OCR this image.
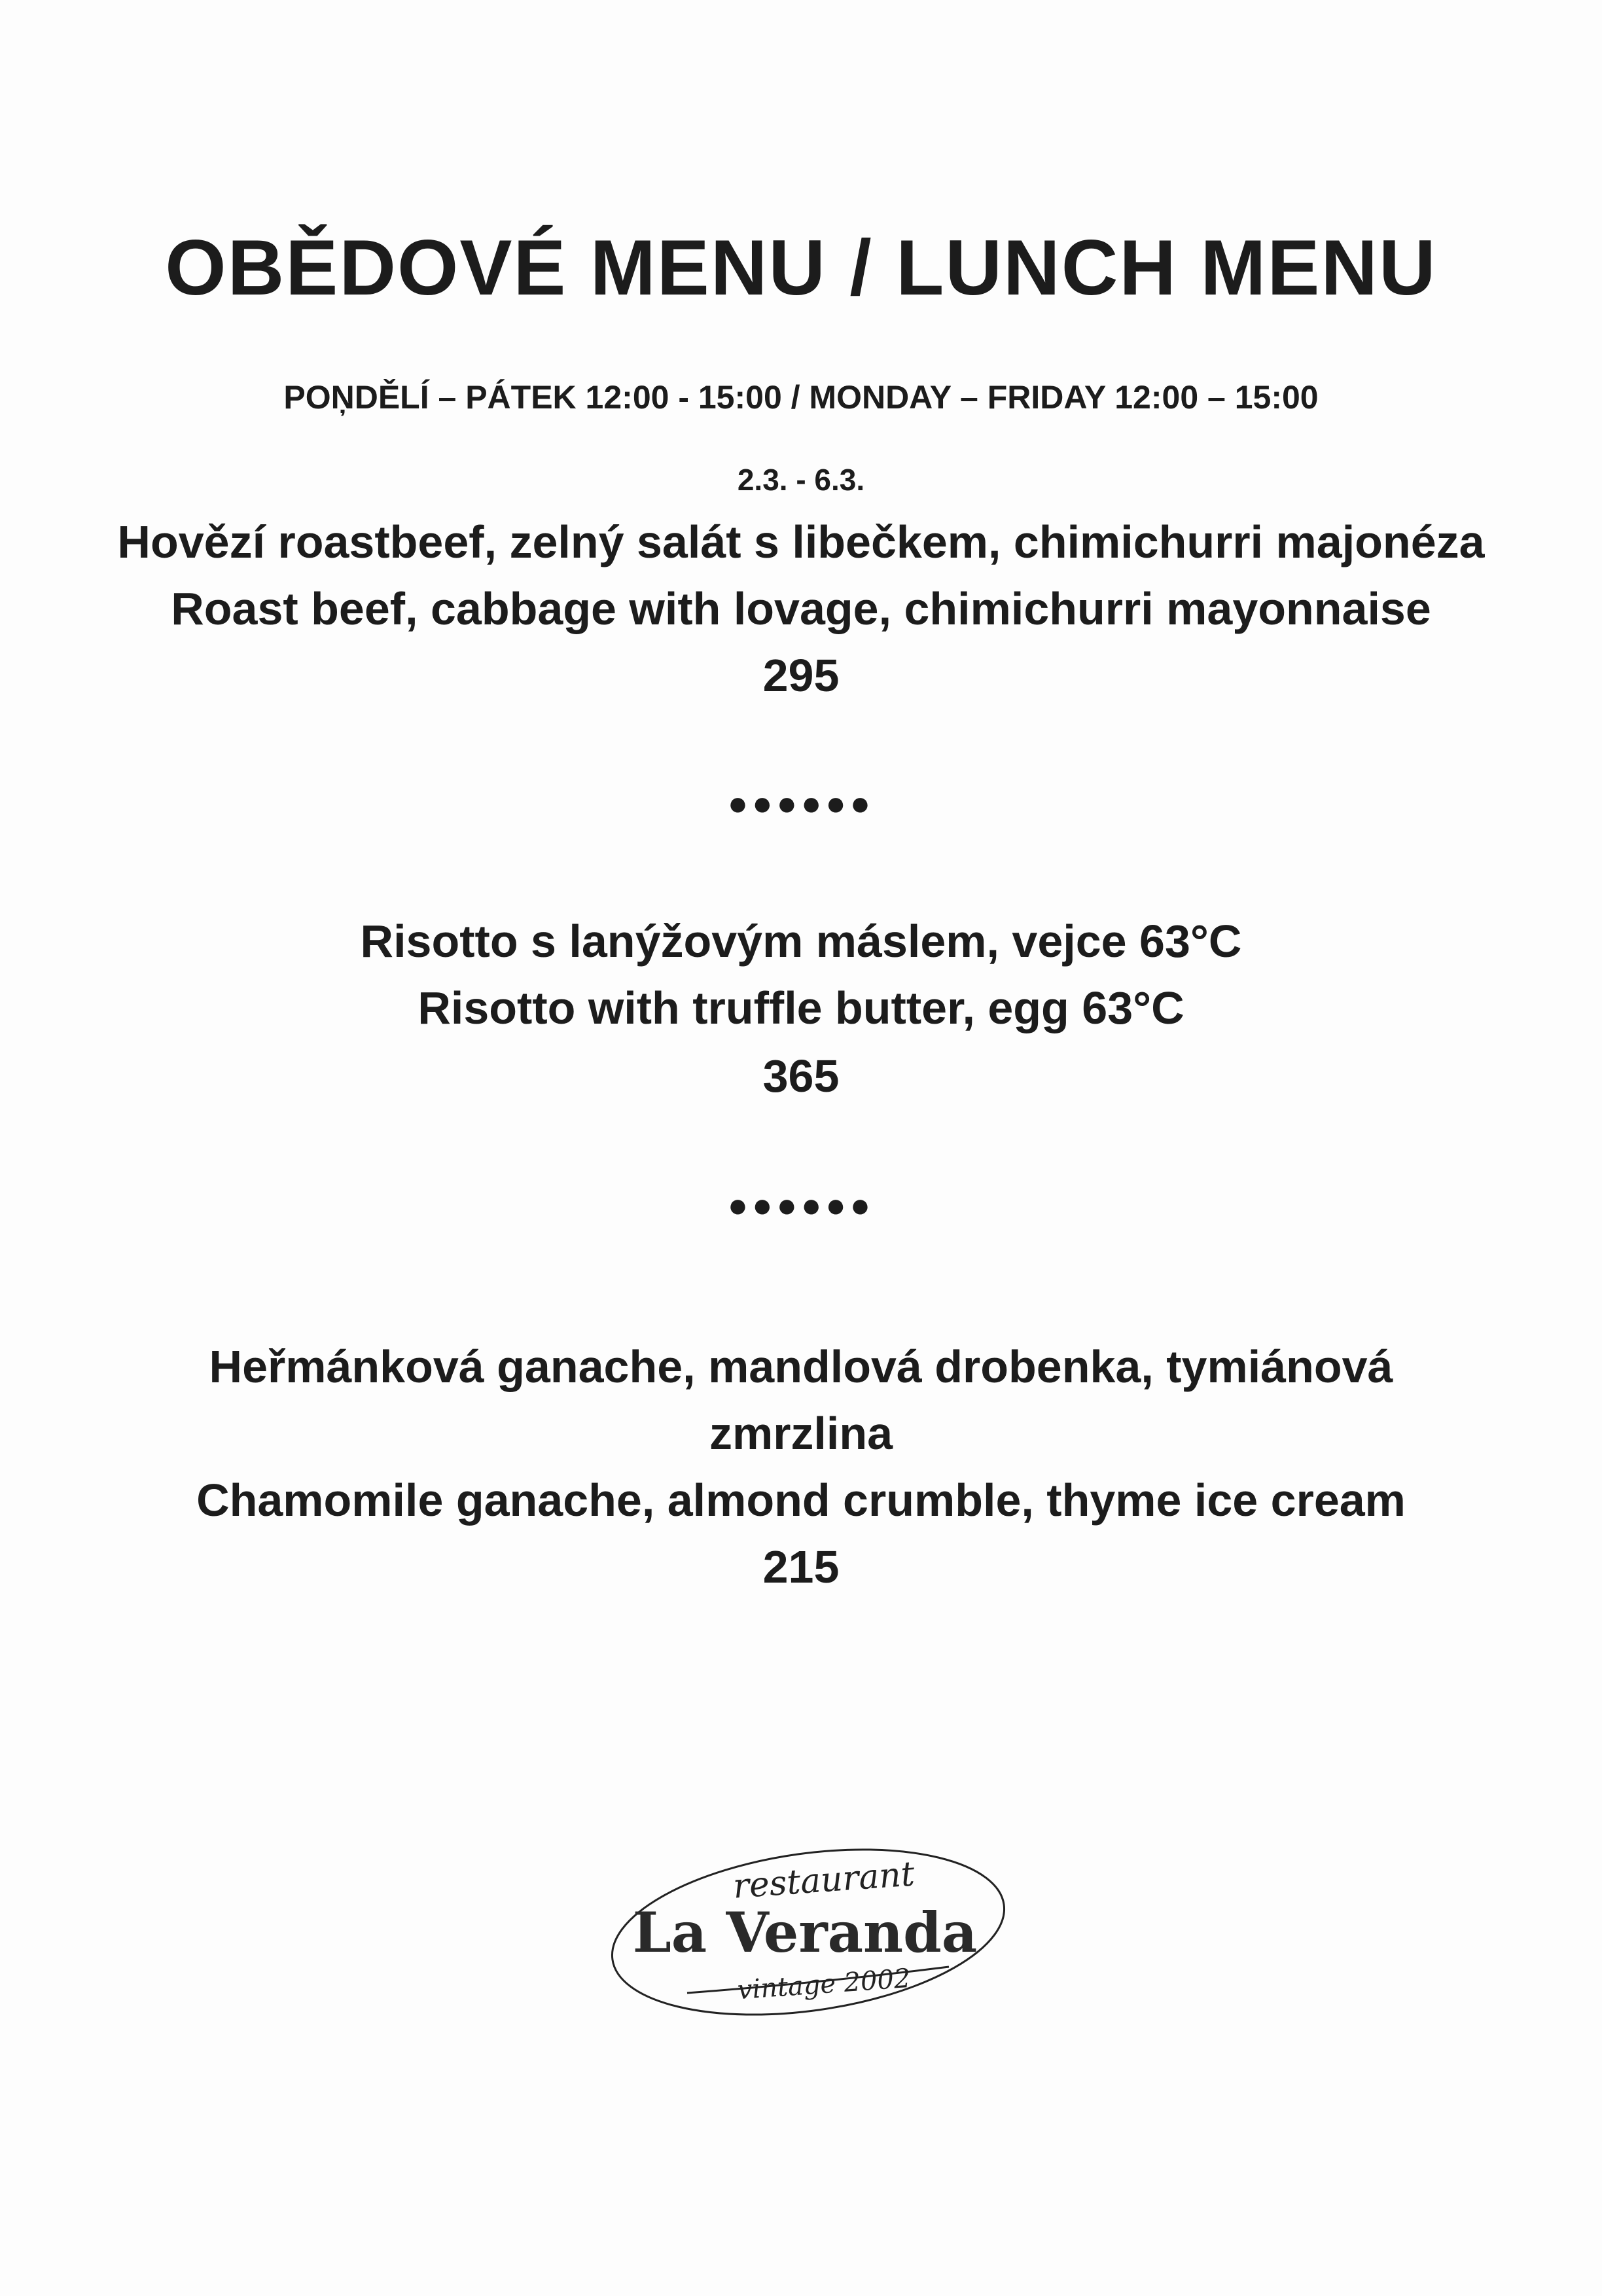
OBĚDOVÉ MENU / LUNCH MENU
POŅDĚLÍ – PÁTEK 12:00 - 15:00 / MONDAY – FRIDAY 12:00 – 15:00
2.3. - 6.3.
Hovězí roastbeef, zelný salát s libečkem, chimichurri majonéza
Roast beef, cabbage with lovage, chimichurri mayonnaise
295
●●●●●●
Risotto s lanýžovým máslem, vejce 63°C
Risotto with truffle butter, egg 63°C
365
●●●●●●
Heřmánková ganache, mandlová drobenka, tymiánová
zmrzlina
Chamomile ganache, almond crumble, thyme ice cream
215
restaurant
La Veranda
vintage 2002
